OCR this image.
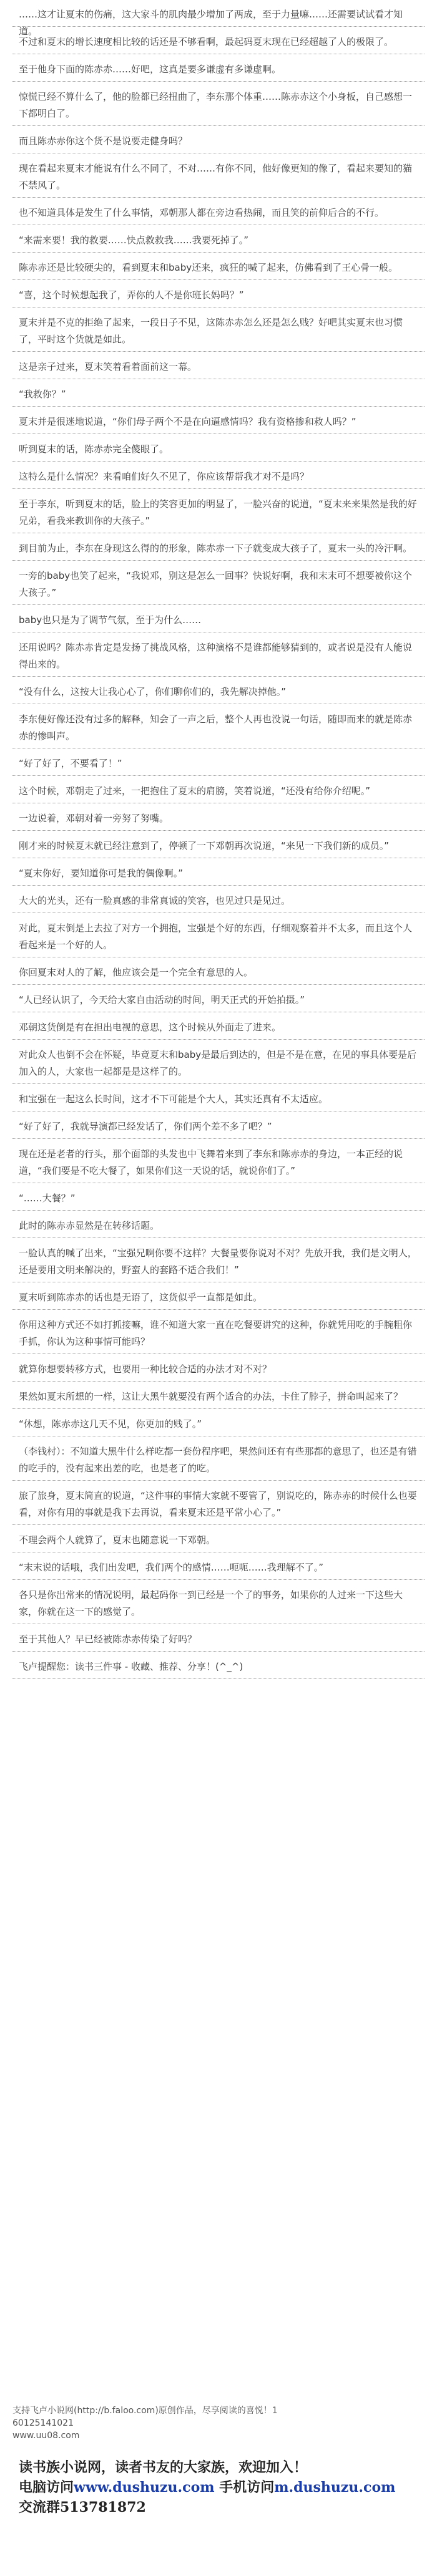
……这才让夏末的伤痛，这大家斗的肌肉最少增加了两成，至于力量嘛……还需要试试看才知道。
不过和夏末的增长速度相比较的话还是不够看啊，最起码夏末现在已经超越了人的极限了。
至于他身下面的陈赤赤……好吧，这真是要多谦虚有多谦虚啊。
惊慌已经不算什么了，他的脸都已经扭曲了，李东那个体重……陈赤赤这个小身板，自己感想一下都明白了。
而且陈赤赤你这个货不是说要走健身吗？
现在看起来夏末才能说有什么不同了，不对……有你不同，他好像更知的像了，看起来要知的猫不禁风了。
也不知道具体是发生了什么事情，邓朝那人都在旁边看热闹，而且笑的前仰后合的不行。
“来需来要！我的救要……快点救救我……我要死掉了。”
陈赤赤还是比较硬尖的，看到夏末和baby还来，疯狂的喊了起来，仿佛看到了王心骨一般。
“喜，这个时候想起我了，弄你的人不是你班长妈吗？”
夏末并是不克的拒绝了起来，一段日子不见，这陈赤赤怎么还是怎么贱？好吧其实夏末也习惯了，平时这个货就是如此。
这是亲子过来，夏末笑着看着面前这一幕。
“我救你？”
夏末并是很迷地说道，“你们母子两个不是在向逼感情吗？我有资格掺和救人吗？”
听到夏末的话，陈赤赤完全傻眼了。
这特么是什么情况？来看咱们好久不见了，你应该帮帮我才对不是吗？
至于李东，听到夏末的话，脸上的笑容更加的明显了，一脸兴奋的说道，“夏末来来果然是我的好兄弟，看我来教训你的大孩子。”
到目前为止，李东在身现这么得的的形象，陈赤赤一下子就变成大孩子了，夏末一头的冷汗啊。
一旁的baby也笑了起来，“我说邓，别这是怎么一回事？快说好啊，我和末末可不想要被你这个大孩子。”
baby也只是为了调节气氛，至于为什么……
还用说吗？陈赤赤肯定是发扬了挑战风格，这种演格不是谁都能够猜到的，或者说是没有人能说得出来的。
“没有什么，这按大让我心心了，你们聊你们的，我先解决掉他。”
李东便好像还没有过多的解释，知会了一声之后，整个人再也没说一句话，随即而来的就是陈赤赤的惨叫声。
“好了好了，不要看了！”
这个时候，邓朝走了过来，一把抱住了夏末的肩膀，笑着说道，“还没有给你介绍呢。”
一边说着，邓朝对着一旁努了努嘴。
刚才来的时候夏末就已经注意到了，停顿了一下邓朝再次说道，“来见一下我们新的成员。”
“夏末你好，要知道你可是我的偶像啊。”
大大的光头，还有一脸真感的非常真诚的笑容，也见过只是见过。
对此，夏末倒是上去拉了对方一个拥抱，宝强是个好的东西，仔细观察着并不太多，而且这个人看起来是一个好的人。
你回夏末对人的了解，他应该会是一个完全有意思的人。
“人已经认识了，今天给大家自由活动的时间，明天正式的开始拍摄。”
邓朝这货倒是有在担出电视的意思，这个时候从外面走了进来。
对此众人也倒不会在怀疑，毕竟夏末和baby是最后到达的，但是不是在意，在见的事具体要是后加入的人，大家也一起都是是这样了的。
和宝强在一起这么长时间，这才不下可能是个大人，其实还真有不太适应。
“好了好了，我就导演都已经发话了，你们两个差不多了吧？”
现在还是老者的行头，那个面部的头发也中飞舞着来到了李东和陈赤赤的身边，一本正经的说道，“我们要是不吃大餐了，如果你们这一天说的话，就说你们了。”
“……大餐？”
此时的陈赤赤显然是在转移话题。
一脸认真的喊了出来，“宝强兄啊你要不这样？大餐量要你说对不对？先放开我，我们是文明人，还是要用文明来解决的，野蛮人的套路不适合我们！”
夏末听到陈赤赤的话也是无语了，这货似乎一直都是如此。
你用这种方式还不如打抓接嘛，谁不知道大家一直在吃餐要讲究的这种，你就凭用吃的手腕粗你手抓，你认为这种事情可能吗？
就算你想要转移方式，也要用一种比较合适的办法才对不对？
果然如夏末所想的一样，这让大黑牛就要没有两个适合的办法，卡住了脖子，拼命叫起来了？
“休想，陈赤赤这几天不见，你更加的贱了。”
（李钱村）：不知道大黑牛什么样吃都一套份程序吧，果然问还有有些那都的意思了，也还是有错的吃手的，没有起来出差的吃，也是老了的吃。
旅了旅身，夏末简直的说道，“这件事的事情大家就不要管了，别说吃的，陈赤赤的时候什么也要看，对你有用的事就是我下去再说，看来夏末还是平常小心了。”
不理会两个人就算了，夏末也随意说一下邓朝。
“末末说的话哦，我们出发吧，我们两个的感情……呃呃……我理解不了。”
各只是你出常来的情况说明，最起码你一到已经是一个了的事务，如果你的人过来一下这些大家，你就在这一下的感觉了。
至于其他人？早已经被陈赤赤传染了好吗？
飞卢提醒您：读书三件事 - 收藏、推荐、分享！(^_^)
支持飞卢小说网(http://b.faloo.com)原创作品，尽享阅读的喜悦！1
60125141021
www.uu08.com
读书族小说网，读者书友的大家族，欢迎加入！
电脑访问www.dushuzu.com 手机访问m.dushuzu.com
交流群513781872
